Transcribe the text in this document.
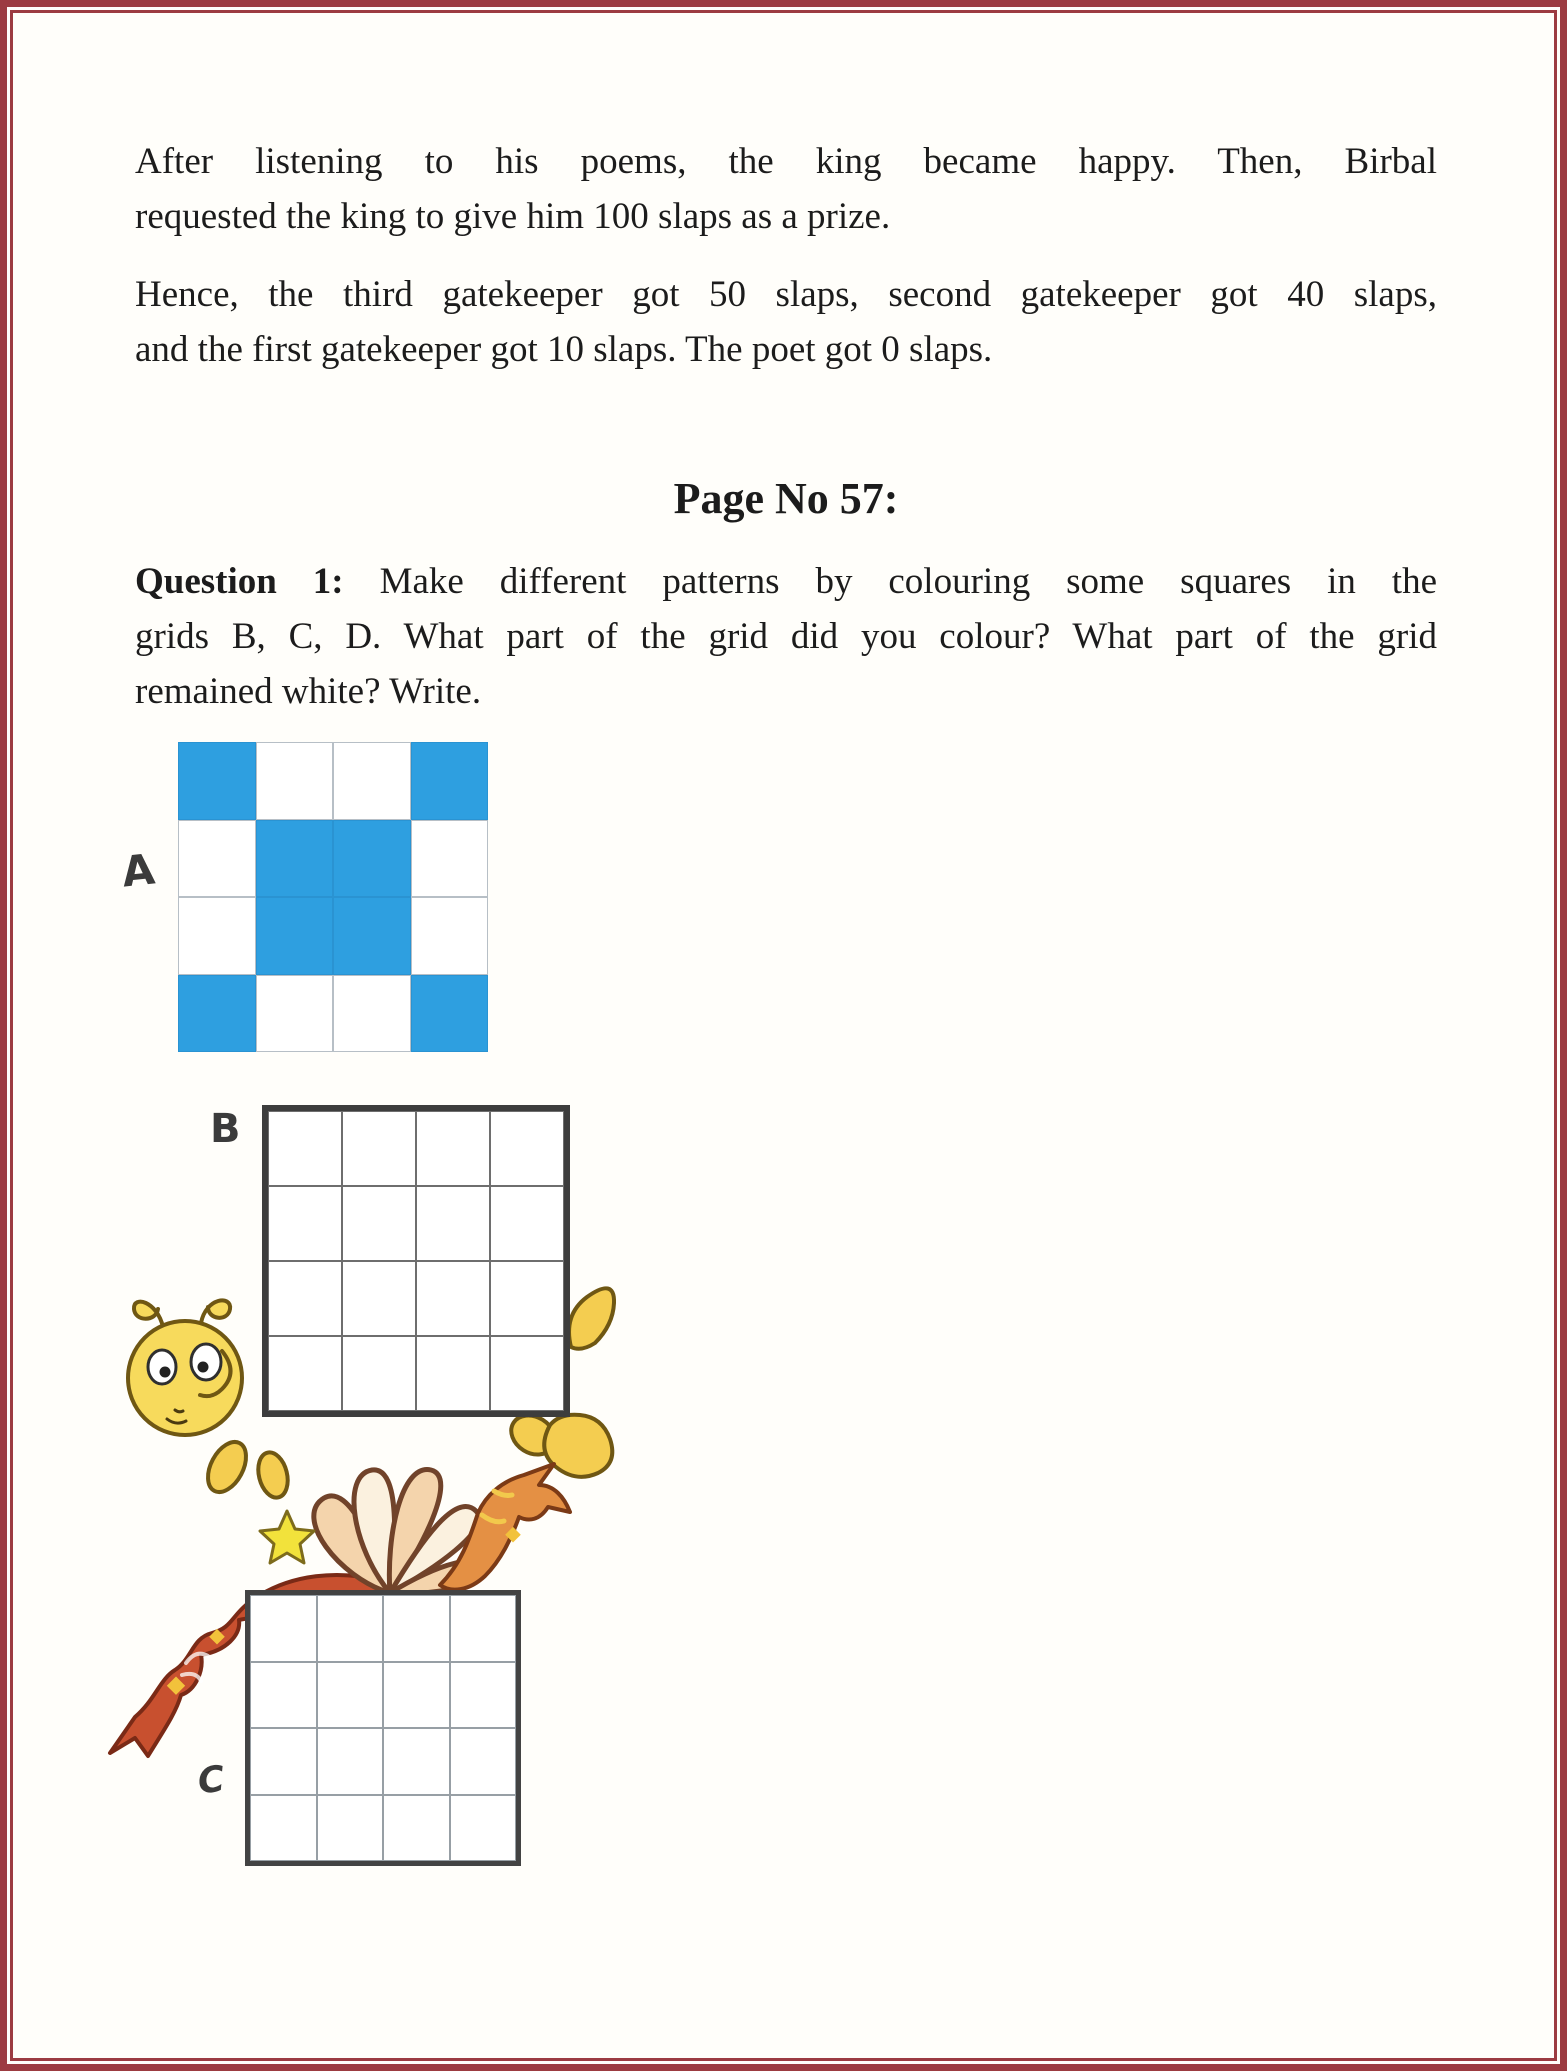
After listening to his poems, the king became happy. Then, Birbal
requested the king to give him 100 slaps as a prize.
Hence, the third gatekeeper got 50 slaps, second gatekeeper got 40 slaps,
and the first gatekeeper got 10 slaps. The poet got 0 slaps.
Page No 57:
Question 1: Make different patterns by colouring some squares in the
grids B, C, D. What part of the grid did you colour? What part of the grid
remained white? Write.
A
B
C
